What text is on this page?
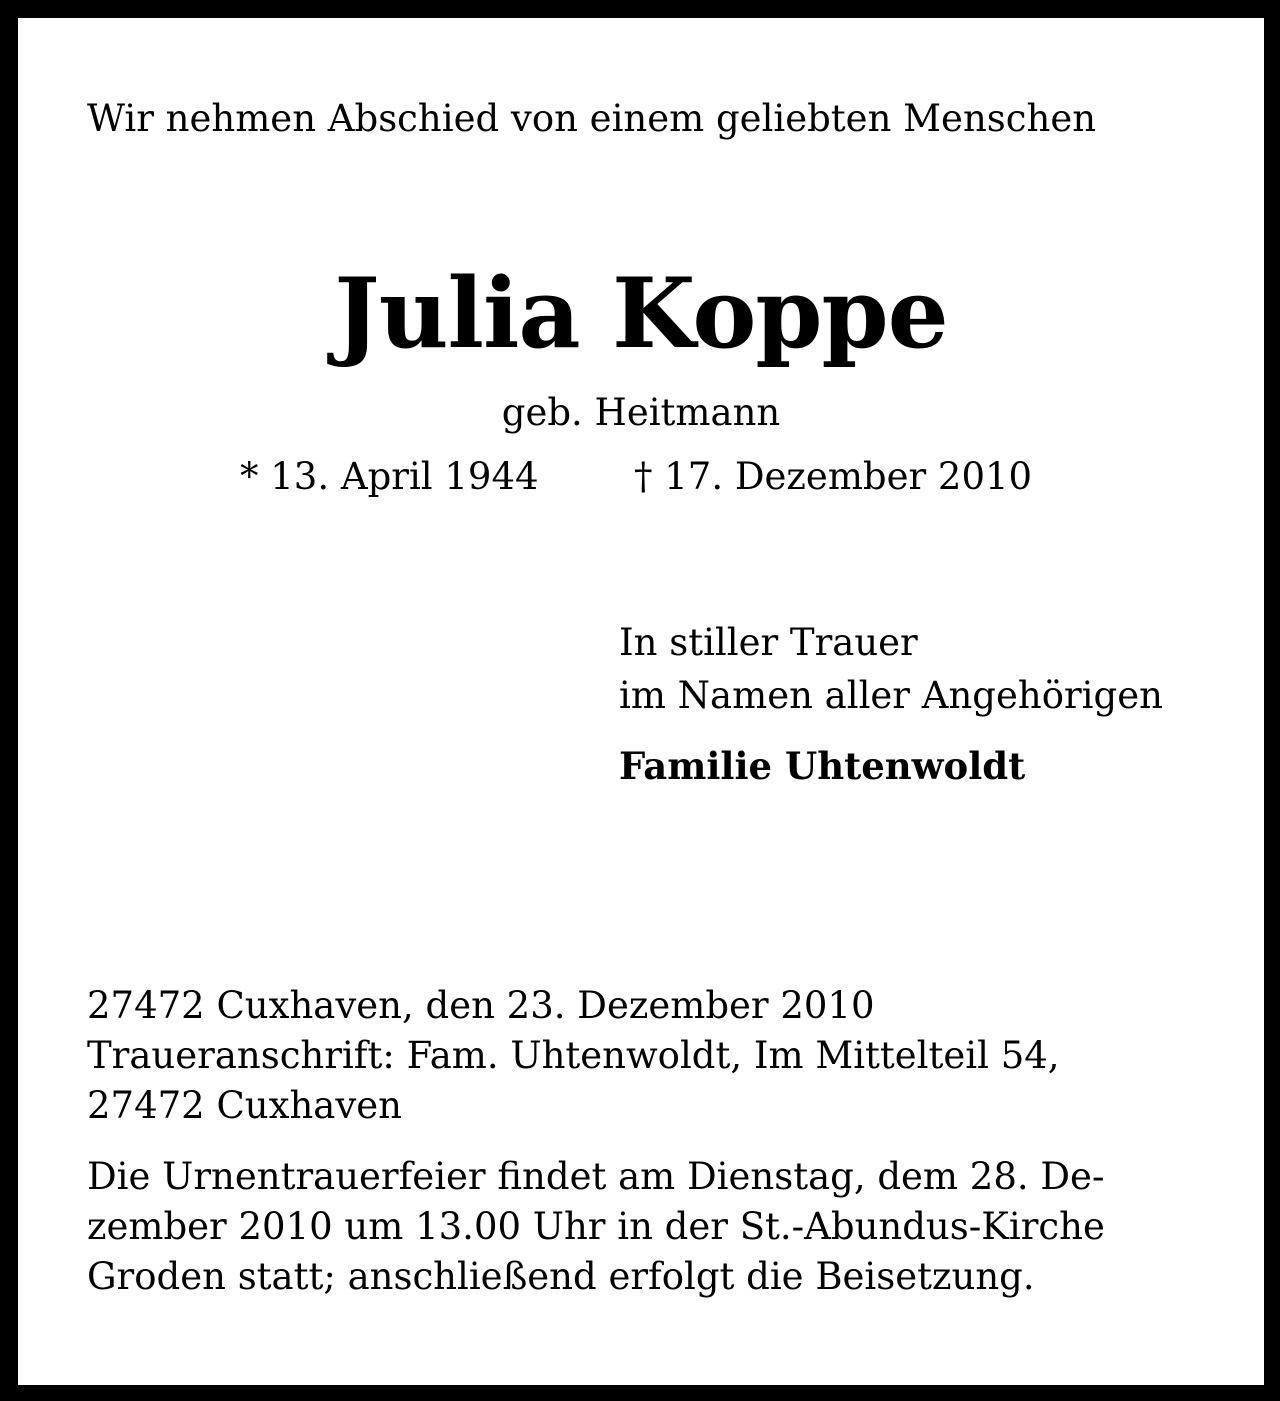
Wir nehmen Abschied von einem geliebten Menschen
Julia Koppe
geb. Heitmann
* 13. April 1944	† 17. Dezember 2010
In stiller Trauer
im Namen aller Angehörigen
Familie Uhtenwoldt
27472 Cuxhaven, den 23. Dezember 2010
Traueranschrift: Fam. Uhtenwoldt, Im Mittelteil 54,
27472 Cuxhaven
Die Urnentrauerfeier findet am Dienstag, dem 28. De-
zember 2010 um 13.00 Uhr in der St.-Abundus-Kirche
Groden statt; anschließend erfolgt die Beisetzung.
